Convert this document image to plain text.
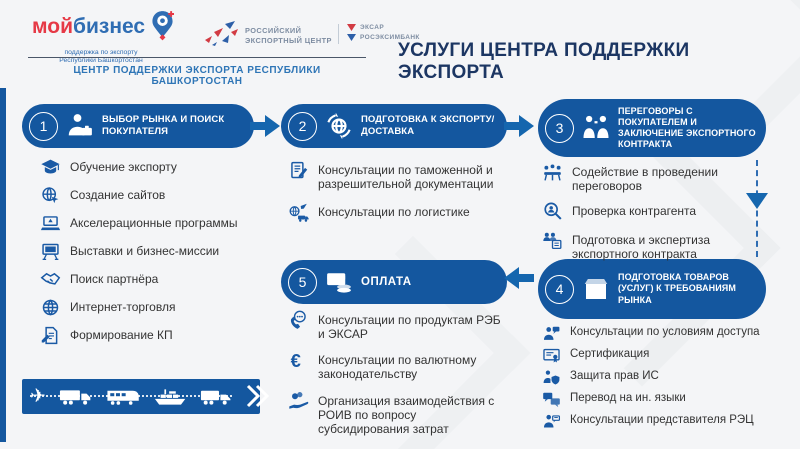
мойбизнес
поддержка по экспорту
Республики Башкортостан
РОССИЙСКИЙ
ЭКСПОРТНЫЙ ЦЕНТР
ЭКСАР
РОСЭКСИМБАНК
ЦЕНТР ПОДДЕРЖКИ ЭКСПОРТА РЕСПУБЛИКИ БАШКОРТОСТАН
УСЛУГИ ЦЕНТРА ПОДДЕРЖКИ ЭКСПОРТА
1	ВЫБОР РЫНКА И ПОИСК ПОКУПАТЕЛЯ	2	ПОДГОТОВКА К ЭКСПОРТУ/ДОСТАВКА	3
ПЕРЕГОВОРЫ С ПОКУПАТЕЛЕМ И ЗАКЛЮЧЕНИЕ ЭКСПОРТНОГО КОНТРАКТА
4
ПОДГОТОВКА ТОВАРОВ (УСЛУГ) К ТРЕБОВАНИЯМ РЫНКА
5	ОПЛАТА
Обучение экспорту
Создание сайтов
Акселерационные программы
Выставки и бизнес-миссии
Поиск партнёра
Интернет-торговля
Формирование КП
Консультации по таможенной и разрешительной документации
Консультации по логистике
Содействие в проведении переговоров
Проверка контрагента
Подготовка и экспертиза экспортного контракта
Консультации по условиям доступа
Сертификация
Защита прав ИС
Перевод на ин. языки
Консультации представителя РЭЦ
Консультации по продуктам РЭБ и ЭКСАР
€ Консультации по валютному законодательству
Организация взаимодействия с РОИВ по вопросу субсидирования затрат
✈
